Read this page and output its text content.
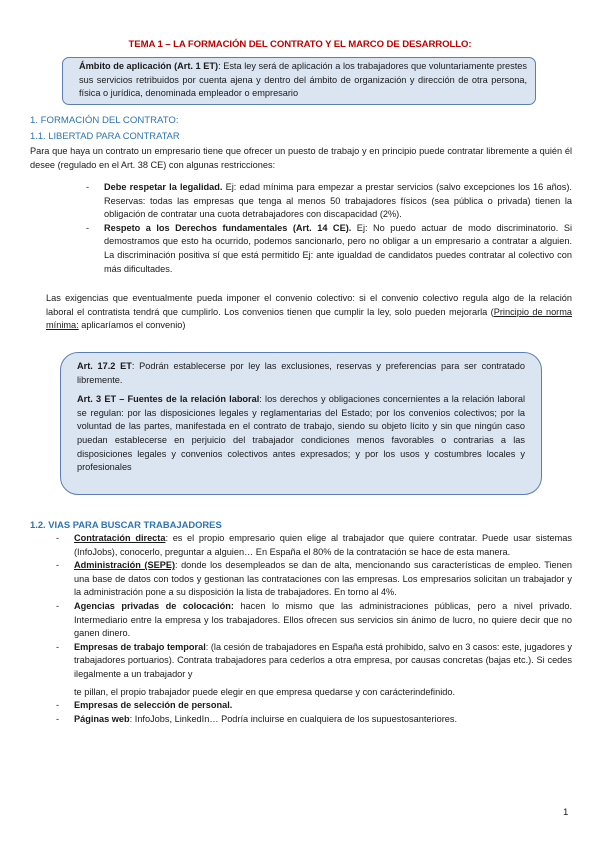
TEMA 1 – LA FORMACIÓN DEL CONTRATO Y EL MARCO DE DESARROLLO:
Ámbito de aplicación (Art. 1 ET): Esta ley será de aplicación a los trabajadores que voluntariamente prestes sus servicios retribuidos por cuenta ajena y dentro del ámbito de organización y dirección de otra persona, física o jurídica, denominada empleador o empresario
1. FORMACIÓN DEL CONTRATO:
1.1. LIBERTAD PARA CONTRATAR
Para que haya un contrato un empresario tiene que ofrecer un puesto de trabajo y en principio puede contratar libremente a quién él desee (regulado en el Art. 38 CE) con algunas restricciones:
- Debe respetar la legalidad. Ej: edad mínima para empezar a prestar servicios (salvo excepciones los 16 años). Reservas: todas las empresas que tenga al menos 50 trabajadores físicos (sea pública o privada) tienen la obligación de contratar una cuota detrabajadores con discapacidad (2%).
- Respeto a los Derechos fundamentales (Art. 14 CE). Ej: No puedo actuar de modo discriminatorio. Si demostramos que esto ha ocurrido, podemos sancionarlo, pero no obligar a un empresario a contratar a alguien. La discriminación positiva sí que está permitido Ej: ante igualdad de candidatos puedes contratar al colectivo con más dificultades.
Las exigencias que eventualmente pueda imponer el convenio colectivo: si el convenio colectivo regula algo de la relación laboral el contratista tendrá que cumplirlo. Los convenios tienen que cumplir la ley, solo pueden mejorarla (Principio de norma mínima: aplicaríamos el convenio)
Art. 17.2 ET: Podrán establecerse por ley las exclusiones, reservas y preferencias para ser contratado libremente.
Art. 3 ET – Fuentes de la relación laboral: los derechos y obligaciones concernientes a la relación laboral se regulan: por las disposiciones legales y reglamentarias del Estado; por los convenios colectivos; por la voluntad de las partes, manifestada en el contrato de trabajo, siendo su objeto lícito y sin que ningún caso puedan establecerse en perjuicio del trabajador condiciones menos favorables o contrarias a las disposiciones legales y convenios colectivos antes expresados; y por los usos y costumbres locales y profesionales
1.2. VIAS PARA BUSCAR TRABAJADORES
- Contratación directa: es el propio empresario quien elige al trabajador que quiere contratar. Puede usar sistemas (InfoJobs), conocerlo, preguntar a alguien… En España el 80% de la contratación se hace de esta manera.
- Administración (SEPE): donde los desempleados se dan de alta, mencionando sus características de empleo. Tienen una base de datos con todos y gestionan las contrataciones con las empresas. Los empresarios solicitan un trabajador y la administración pone a su disposición la lista de trabajadores. En torno al 4%.
- Agencias privadas de colocación: hacen lo mismo que las administraciones públicas, pero a nivel privado. Intermediario entre la empresa y los trabajadores. Ellos ofrecen sus servicios sin ánimo de lucro, no quiere decir que no ganen dinero.
- Empresas de trabajo temporal: (la cesión de trabajadores en España está prohibido, salvo en 3 casos: este, jugadores y trabajadores portuarios). Contrata trabajadores para cederlos a otra empresa, por causas concretas (bajas etc.). Si cedes ilegalmente a un trabajador y
te pillan, el propio trabajador puede elegir en que empresa quedarse y con carácterindefinido.
- Empresas de selección de personal.
- Páginas web: InfoJobs, LinkedIn… Podría incluirse en cualquiera de los supuestosanteriores.
1
